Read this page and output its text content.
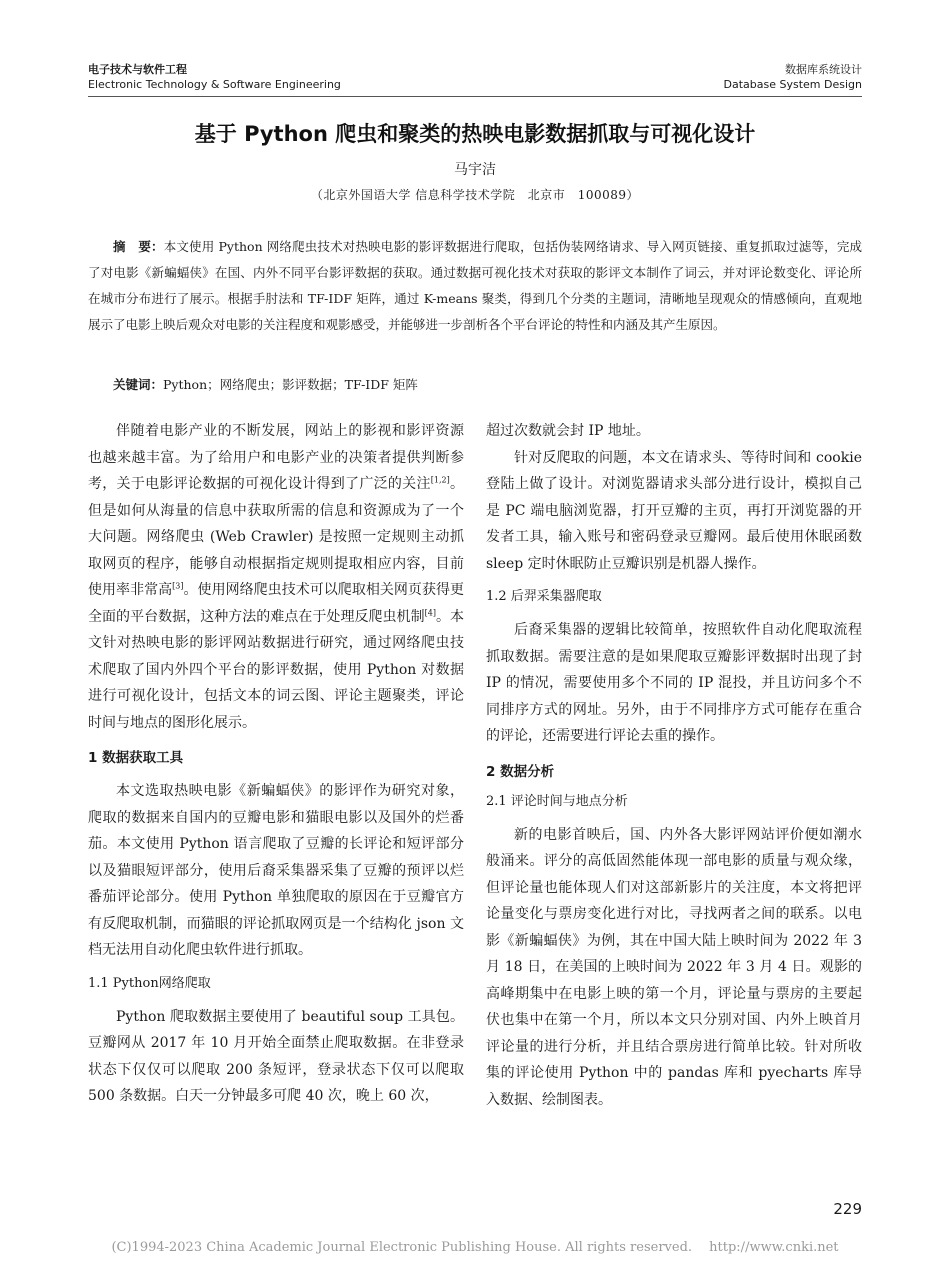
电子技术与软件工程
Electronic Technology & Software Engineering
数据库系统设计
Database System Design
基于 Python 爬虫和聚类的热映电影数据抓取与可视化设计
马宇洁
（北京外国语大学 信息科学技术学院　北京市　100089）

摘　要：本文使用 Python 网络爬虫技术对热映电影的影评数据进行爬取，包括伪装网络请求、导入网页链接、重复抓取过滤等，完成了对电影《新蝙蝠侠》在国、内外不同平台影评数据的获取。通过数据可视化技术对获取的影评文本制作了词云，并对评论数变化、评论所在城市分布进行了展示。根据手肘法和 TF-IDF 矩阵，通过 K-means 聚类，得到几个分类的主题词，清晰地呈现观众的情感倾向，直观地展示了电影上映后观众对电影的关注程度和观影感受，并能够进一步剖析各个平台评论的特性和内涵及其产生原因。

关键词：Python；网络爬虫；影评数据；TF-IDF 矩阵

伴随着电影产业的不断发展，网站上的影视和影评资源也越来越丰富。为了给用户和电影产业的决策者提供判断参考，关于电影评论数据的可视化设计得到了广泛的关注[1,2]。但是如何从海量的信息中获取所需的信息和资源成为了一个大问题。网络爬虫 (Web Crawler) 是按照一定规则主动抓取网页的程序，能够自动根据指定规则提取相应内容，目前使用率非常高[3]。使用网络爬虫技术可以爬取相关网页获得更全面的平台数据，这种方法的难点在于处理反爬虫机制[4]。本文针对热映电影的影评网站数据进行研究，通过网络爬虫技术爬取了国内外四个平台的影评数据，使用 Python 对数据进行可视化设计，包括文本的词云图、评论主题聚类，评论时间与地点的图形化展示。

1 数据获取工具

本文选取热映电影《新蝙蝠侠》的影评作为研究对象，爬取的数据来自国内的豆瓣电影和猫眼电影以及国外的烂番茄。本文使用 Python 语言爬取了豆瓣的长评论和短评部分以及猫眼短评部分，使用后裔采集器采集了豆瓣的预评以烂番茄评论部分。使用 Python 单独爬取的原因在于豆瓣官方有反爬取机制，而猫眼的评论抓取网页是一个结构化 json 文档无法用自动化爬虫软件进行抓取。

1.1 Python网络爬取

Python 爬取数据主要使用了 beautiful soup 工具包。豆瓣网从 2017 年 10 月开始全面禁止爬取数据。在非登录状态下仅仅可以爬取 200 条短评，登录状态下仅可以爬取 500 条数据。白天一分钟最多可爬 40 次，晚上 60 次，

超过次数就会封 IP 地址。

针对反爬取的问题，本文在请求头、等待时间和 cookie 登陆上做了设计。对浏览器请求头部分进行设计，模拟自己是 PC 端电脑浏览器，打开豆瓣的主页，再打开浏览器的开发者工具，输入账号和密码登录豆瓣网。最后使用休眠函数 sleep 定时休眠防止豆瓣识别是机器人操作。

1.2 后羿采集器爬取

后裔采集器的逻辑比较简单，按照软件自动化爬取流程抓取数据。需要注意的是如果爬取豆瓣影评数据时出现了封 IP 的情况，需要使用多个不同的 IP 混投，并且访问多个不同排序方式的网址。另外，由于不同排序方式可能存在重合的评论，还需要进行评论去重的操作。

2 数据分析
2.1 评论时间与地点分析

新的电影首映后，国、内外各大影评网站评价便如潮水般涌来。评分的高低固然能体现一部电影的质量与观众缘，但评论量也能体现人们对这部新影片的关注度，本文将把评论量变化与票房变化进行对比，寻找两者之间的联系。以电影《新蝙蝠侠》为例，其在中国大陆上映时间为 2022 年 3 月 18 日，在美国的上映时间为 2022 年 3 月 4 日。观影的高峰期集中在电影上映的第一个月，评论量与票房的主要起伏也集中在第一个月，所以本文只分别对国、内外上映首月评论量的进行分析，并且结合票房进行简单比较。针对所收集的评论使用 Python 中的 pandas 库和 pyecharts 库导入数据、绘制图表。

229
(C)1994-2023 China Academic Journal Electronic Publishing House. All rights reserved.　 http://www.cnki.net
